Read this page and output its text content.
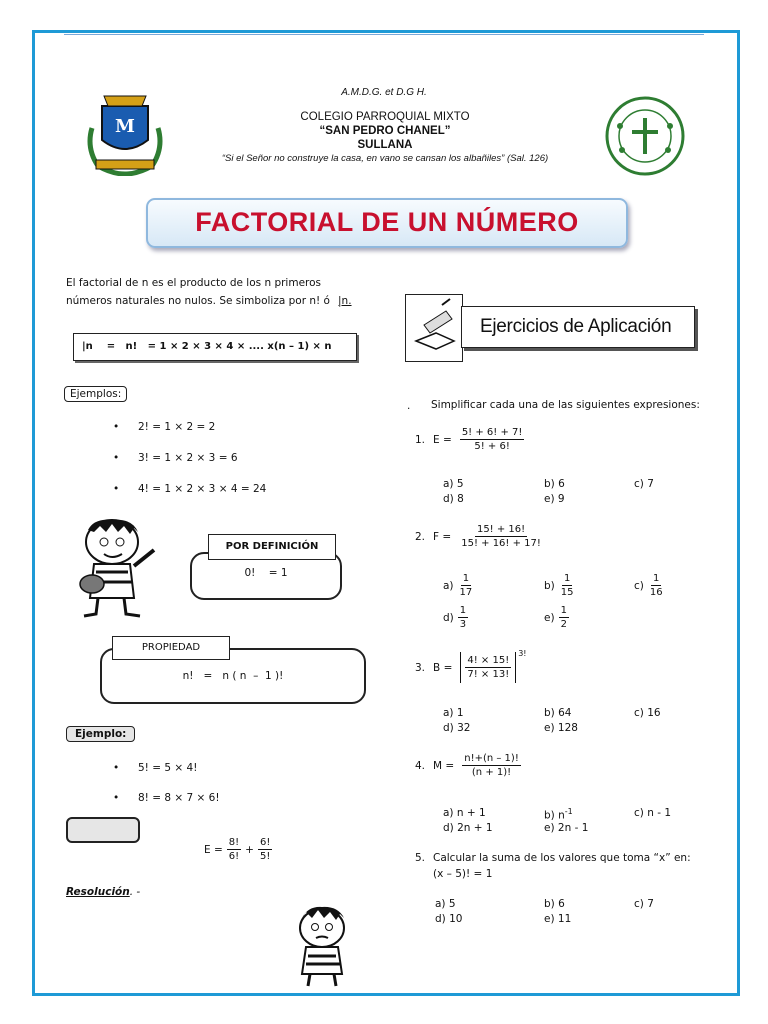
M
A.M.D.G. et D.G H.
COLEGIO PARROQUIAL MIXTO
“SAN PEDRO CHANEL”
SULLANA
“Si el Señor no construye la casa, en vano se cansan los albañiles” (Sal. 126)
FACTORIAL DE UN NÚMERO
El factorial de n es el producto de los n primeros
números naturales no nulos. Se simboliza por n! ó |n.
|n    =   n!   = 1 × 2 × 3 × 4 × .... x(n – 1) × n
Ejemplos:
• 2! = 1 × 2 = 2
• 3! = 1 × 2 × 3 = 6
• 4! = 1 × 2 × 3 × 4 = 24
0!    = 1
POR DEFINICIÓN
n!   =   n ( n  –  1 )!
PROPIEDAD
Ejemplo:
• 5! = 5 × 4!
• 8! = 8 × 7 × 6!
$E = \frac{8!}{6!} + \frac{6!}{5!}$
Resolución. -
Ejercicios de Aplicación
. Simplificar cada una de las siguientes expresiones:
1. $E = \frac{5! + 6! + 7!}{5! + 6!}$
a) 5	b) 6	c) 7
d) 8	e) 9
2. $F = \frac{15! + 16!}{15! + 16! + 17!}$
$a) \frac{1}{17}$	$b) \frac{1}{15}$	$c) \frac{1}{16}$
$d) \frac{1}{3}$	$e) \frac{1}{2}$
3. $B = \frac{4! \times 15!}{7! \times 13!}$
$^{3!}$
a) 1	b) 64	c) 16
d) 32	e) 128
4. $M = \frac{n!+(n - 1)!}{(n + 1)!}$
a) n + 1	b) $n^{-1}$	c) n - 1
d) 2n + 1	e) 2n - 1
5. Calcular la suma de los valores que toma “x” en:
(x – 5)! = 1
a) 5	b) 6	c) 7
d) 10	e) 11
